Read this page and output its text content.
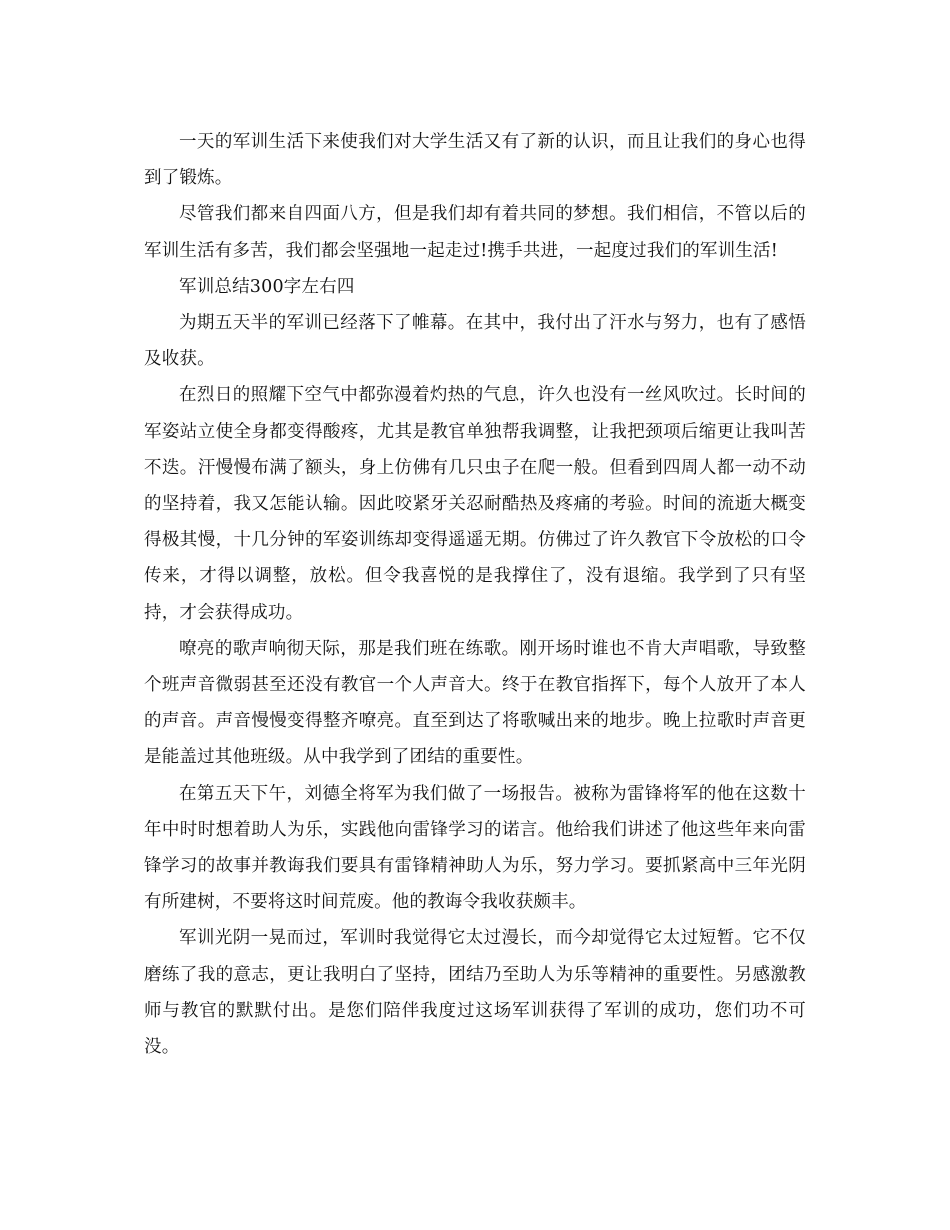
一天的军训生活下来使我们对大学生活又有了新的认识，而且让我们的身心也得到了锻炼。

尽管我们都来自四面八方，但是我们却有着共同的梦想。我们相信，不管以后的军训生活有多苦，我们都会坚强地一起走过!携手共进，一起度过我们的军训生活!

军训总结300字左右四

为期五天半的军训已经落下了帷幕。在其中，我付出了汗水与努力，也有了感悟及收获。

在烈日的照耀下空气中都弥漫着灼热的气息，许久也没有一丝风吹过。长时间的军姿站立使全身都变得酸疼，尤其是教官单独帮我调整，让我把颈项后缩更让我叫苦不迭。汗慢慢布满了额头，身上仿佛有几只虫子在爬一般。但看到四周人都一动不动的坚持着，我又怎能认输。因此咬紧牙关忍耐酷热及疼痛的考验。时间的流逝大概变得极其慢，十几分钟的军姿训练却变得遥遥无期。仿佛过了许久教官下令放松的口令传来，才得以调整，放松。但令我喜悦的是我撑住了，没有退缩。我学到了只有坚持，才会获得成功。

嘹亮的歌声响彻天际，那是我们班在练歌。刚开场时谁也不肯大声唱歌，导致整个班声音微弱甚至还没有教官一个人声音大。终于在教官指挥下，每个人放开了本人的声音。声音慢慢变得整齐嘹亮。直至到达了将歌喊出来的地步。晚上拉歌时声音更是能盖过其他班级。从中我学到了团结的重要性。

在第五天下午，刘德全将军为我们做了一场报告。被称为雷锋将军的他在这数十年中时时想着助人为乐，实践他向雷锋学习的诺言。他给我们讲述了他这些年来向雷锋学习的故事并教诲我们要具有雷锋精神助人为乐，努力学习。要抓紧高中三年光阴有所建树，不要将这时间荒废。他的教诲令我收获颇丰。

军训光阴一晃而过，军训时我觉得它太过漫长，而今却觉得它太过短暂。它不仅磨练了我的意志，更让我明白了坚持，团结乃至助人为乐等精神的重要性。另感激教师与教官的默默付出。是您们陪伴我度过这场军训获得了军训的成功，您们功不可没。
